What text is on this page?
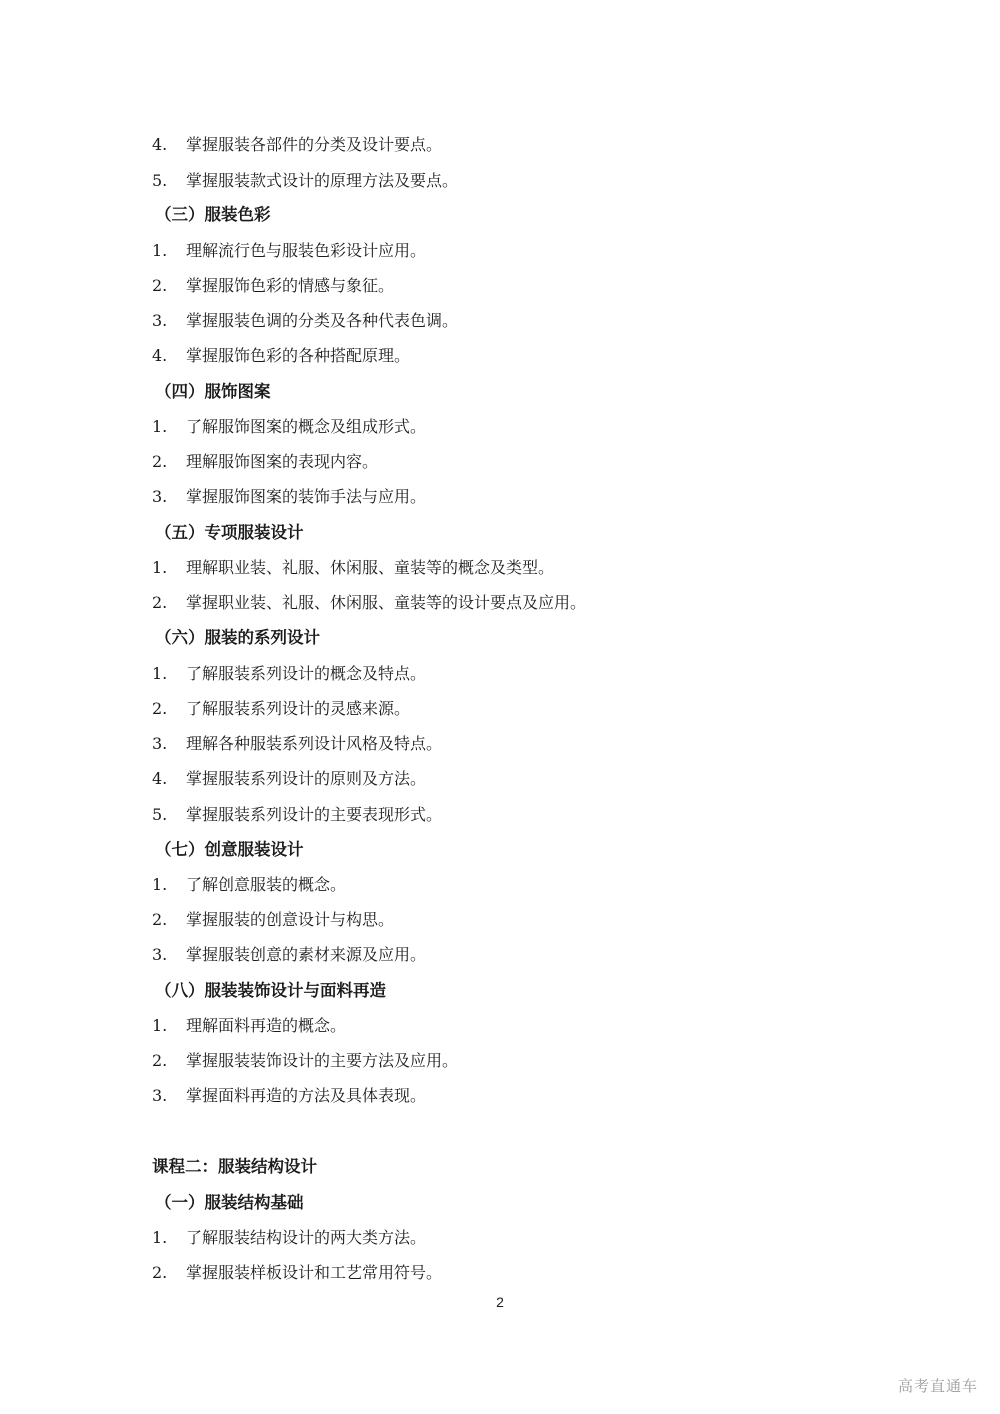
4. 掌握服装各部件的分类及设计要点。
5. 掌握服装款式设计的原理方法及要点。
（三）服装色彩
1. 理解流行色与服装色彩设计应用。
2. 掌握服饰色彩的情感与象征。
3. 掌握服装色调的分类及各种代表色调。
4. 掌握服饰色彩的各种搭配原理。
（四）服饰图案
1. 了解服饰图案的概念及组成形式。
2. 理解服饰图案的表现内容。
3. 掌握服饰图案的装饰手法与应用。
（五）专项服装设计
1. 理解职业装、礼服、休闲服、童装等的概念及类型。
2. 掌握职业装、礼服、休闲服、童装等的设计要点及应用。
（六）服装的系列设计
1. 了解服装系列设计的概念及特点。
2. 了解服装系列设计的灵感来源。
3. 理解各种服装系列设计风格及特点。
4. 掌握服装系列设计的原则及方法。
5. 掌握服装系列设计的主要表现形式。
（七）创意服装设计
1. 了解创意服装的概念。
2. 掌握服装的创意设计与构思。
3. 掌握服装创意的素材来源及应用。
（八）服装装饰设计与面料再造
1. 理解面料再造的概念。
2. 掌握服装装饰设计的主要方法及应用。
3. 掌握面料再造的方法及具体表现。
课程二：服装结构设计
（一）服装结构基础
1. 了解服装结构设计的两大类方法。
2. 掌握服装样板设计和工艺常用符号。
2
高考直通车
